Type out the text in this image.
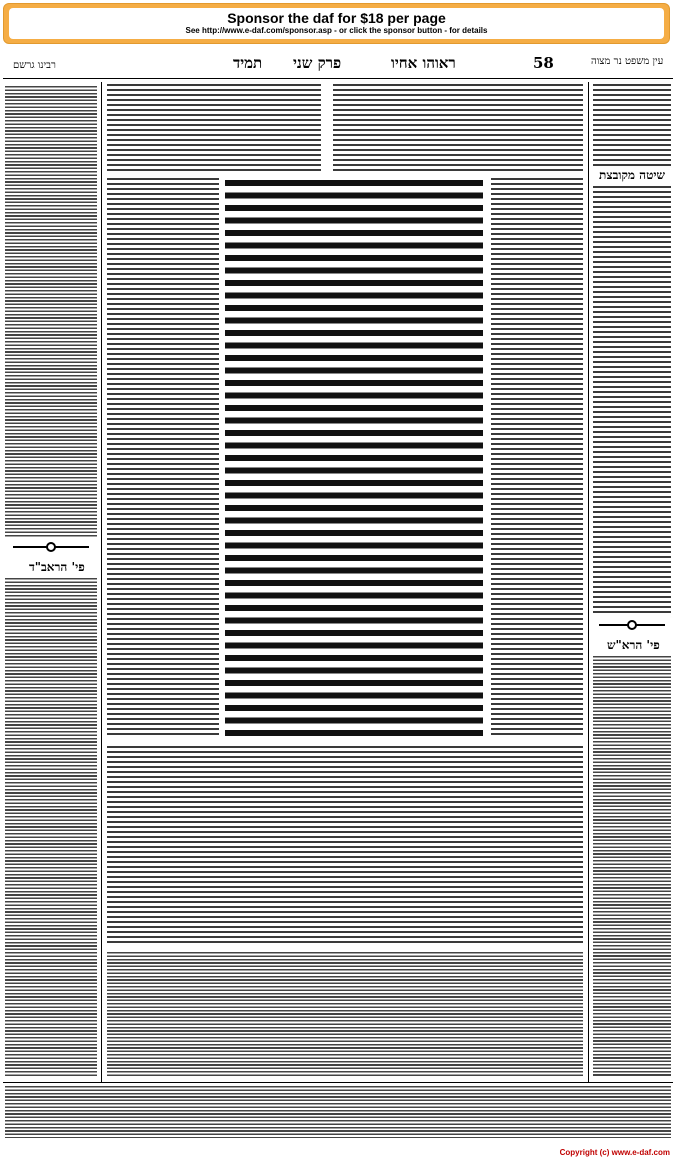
Sponsor the daf for $18 per page
See http://www.e-daf.com/sponsor.asp - or click the sponsor button - for details
58
ראוהו אחיו
פרק שני
תמיד	עין משפט נר מצוה
רבינו גרשם
שיטה מקובצת
פי' הרא"ש
פי' הראב"ד
Copyright (c) www.e-daf.com
